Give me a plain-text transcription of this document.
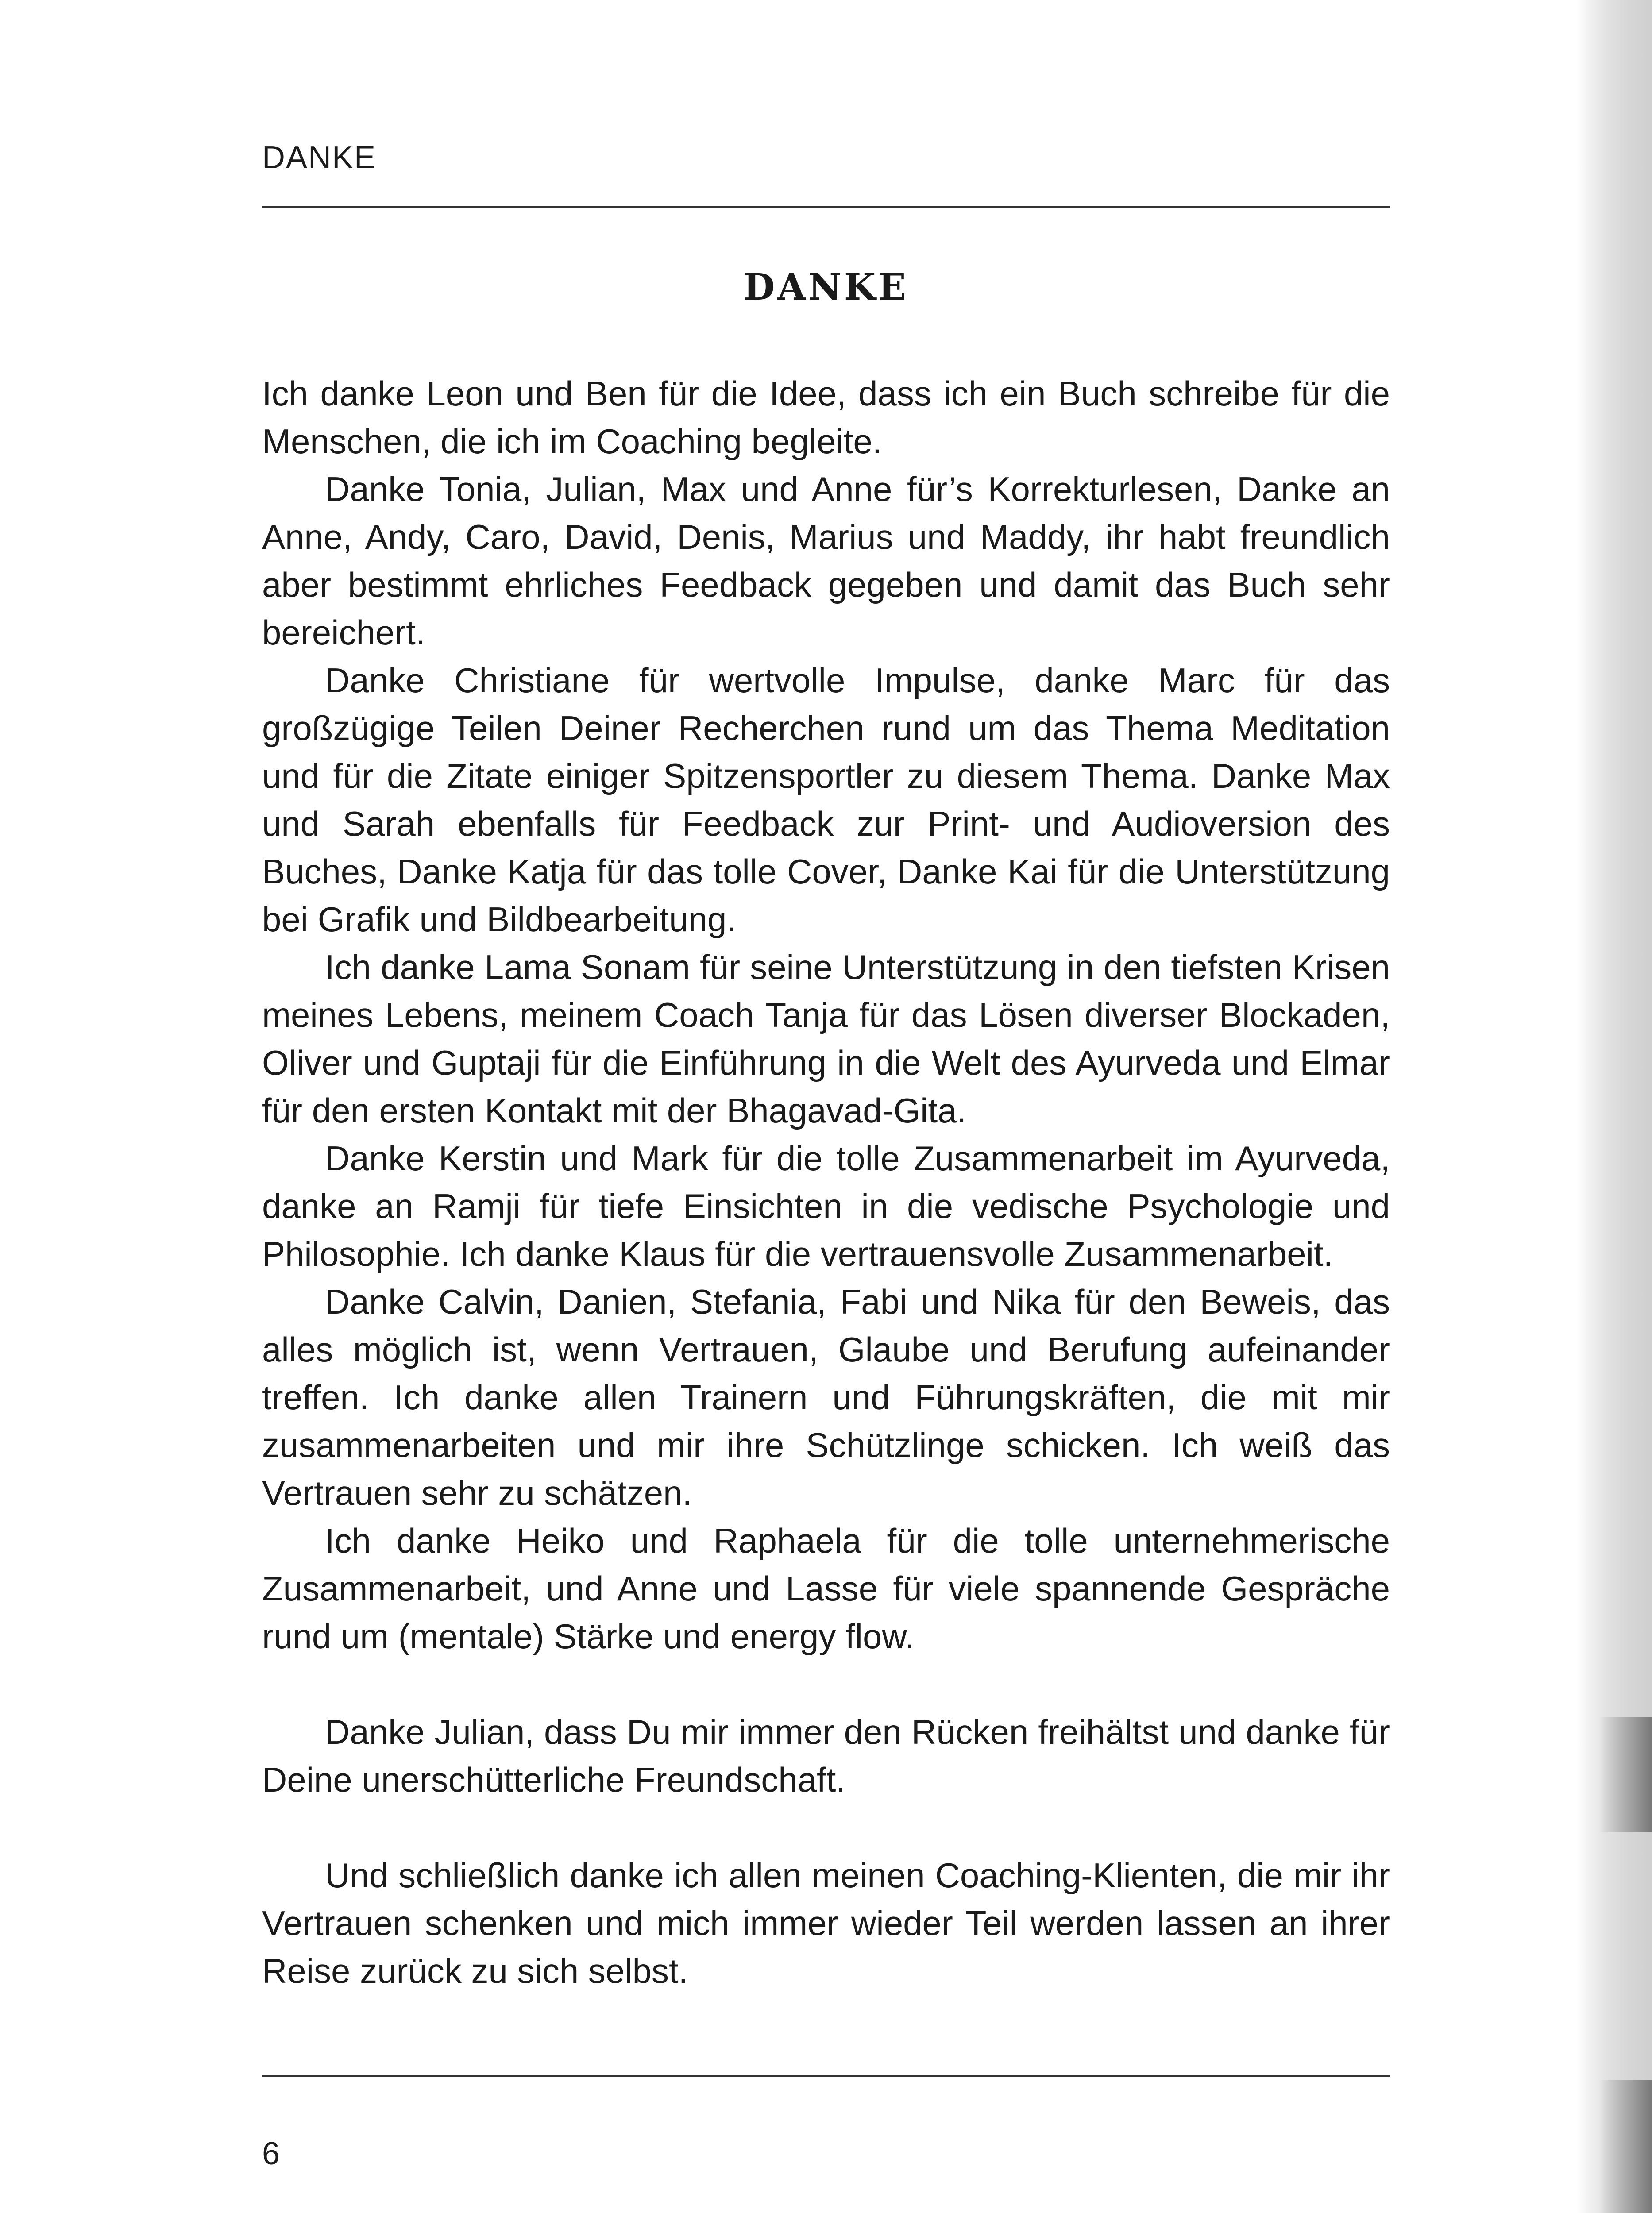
DANKE
DANKE

Ich danke Leon und Ben für die Idee, dass ich ein Buch schreibe für die Menschen, die ich im Coaching begleite.

Danke Tonia, Julian, Max und Anne für’s Korrekturlesen, Danke an Anne, Andy, Caro, David, Denis, Marius und Maddy, ihr habt freundlich aber bestimmt ehrliches Feedback gegeben und damit das Buch sehr bereichert.

Danke Christiane für wertvolle Impulse, danke Marc für das großzügige Teilen Deiner Recherchen rund um das Thema Meditation und für die Zitate einiger Spitzensportler zu diesem Thema. Danke Max und Sarah ebenfalls für Feedback zur Print- und Audioversion des Buches, Danke Katja für das tolle Cover, Danke Kai für die Unterstützung bei Grafik und Bildbearbeitung.

Ich danke Lama Sonam für seine Unterstützung in den tiefsten Krisen meines Lebens, meinem Coach Tanja für das Lösen diverser Blockaden, Oliver und Guptaji für die Einführung in die Welt des Ayurveda und Elmar für den ersten Kontakt mit der Bhagavad-Gita.

Danke Kerstin und Mark für die tolle Zusammenarbeit im Ayurveda, danke an Ramji für tiefe Einsichten in die vedische Psychologie und Philosophie. Ich danke Klaus für die vertrauensvolle Zusammenarbeit.

Danke Calvin, Danien, Stefania, Fabi und Nika für den Beweis, das alles möglich ist, wenn Vertrauen, Glaube und Berufung aufeinander treffen. Ich danke allen Trainern und Führungskräften, die mit mir zusammenarbeiten und mir ihre Schützlinge schicken. Ich weiß das Vertrauen sehr zu schätzen.

Ich danke Heiko und Raphaela für die tolle unternehmerische Zusammenarbeit, und Anne und Lasse für viele spannende Gespräche rund um (mentale) Stärke und energy flow.

Danke Julian, dass Du mir immer den Rücken freihältst und danke für Deine unerschütterliche Freundschaft.

Und schließlich danke ich allen meinen Coaching-Klienten, die mir ihr Vertrauen schenken und mich immer wieder Teil werden lassen an ihrer Reise zurück zu sich selbst.

6
